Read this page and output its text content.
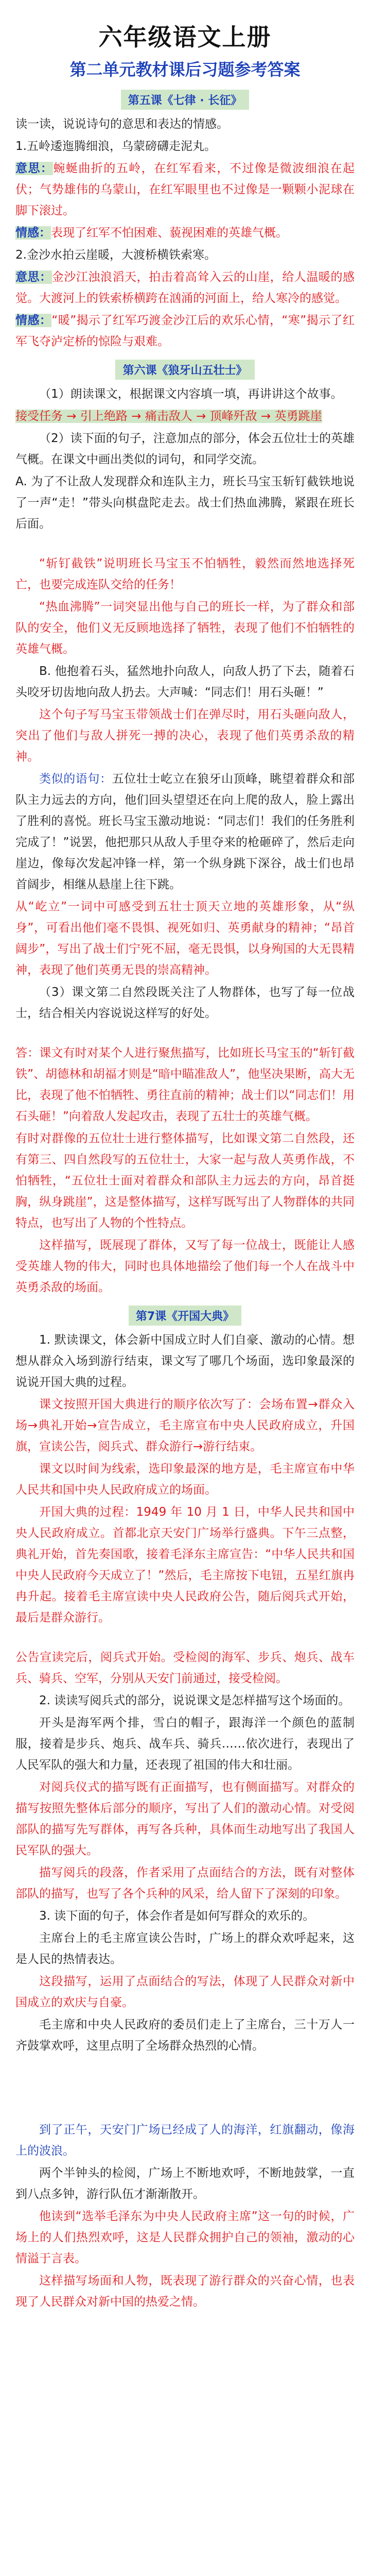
六年级语文上册
第二单元教材课后习题参考答案
第五课《七律 · 长征》

读一读，说说诗句的意思和表达的情感。

1.五岭逶迤腾细浪，乌蒙磅礴走泥丸。

意思：蜿蜒曲折的五岭，在红军看来，不过像是微波细浪在起伏；气势雄伟的乌蒙山，在红军眼里也不过像是一颗颗小泥球在脚下滚过。

情感：表现了红军不怕困难、藐视困难的英雄气概。

2.金沙水拍云崖暖，大渡桥横铁索寒。

意思：金沙江浊浪滔天，拍击着高耸入云的山崖，给人温暖的感觉。大渡河上的铁索桥横跨在汹涌的河面上，给人寒冷的感觉。

情感：“暖”揭示了红军巧渡金沙江后的欢乐心情，“寒”揭示了红军飞夺泸定桥的惊险与艰难。

第六课《狼牙山五壮士》

（1）朗读课文，根据课文内容填一填，再讲讲这个故事。

接受任务 → 引上绝路 → 痛击敌人 → 顶峰歼敌 → 英勇跳崖

（2）读下面的句子，注意加点的部分，体会五位壮士的英雄气概。在课文中画出类似的词句，和同学交流。

A. 为了不让敌人发现群众和连队主力，班长马宝玉斩钉截铁地说了一声“走！”带头向棋盘陀走去。战士们热血沸腾，紧跟在班长后面。

“斩钉截铁”说明班长马宝玉不怕牺牲，毅然而然地选择死亡，也要完成连队交给的任务！

“热血沸腾”一词突显出他与自己的班长一样，为了群众和部队的安全，他们义无反顾地选择了牺牲，表现了他们不怕牺牲的英雄气概。

B. 他抱着石头，猛然地扑向敌人，向敌人扔了下去，随着石头咬牙切齿地向敌人扔去。大声喊：“同志们！用石头砸！”

这个句子写马宝玉带领战士们在弹尽时，用石头砸向敌人，突出了他们与敌人拼死一搏的决心，表现了他们英勇杀敌的精神。

类似的语句：五位壮士屹立在狼牙山顶峰，眺望着群众和部队主力远去的方向，他们回头望望还在向上爬的敌人，脸上露出了胜利的喜悦。班长马宝玉激动地说：“同志们！我们的任务胜利完成了！”说罢，他把那只从敌人手里夺来的枪砸碎了，然后走向崖边，像每次发起冲锋一样，第一个纵身跳下深谷，战士们也昂首阔步，相继从悬崖上往下跳。

从“屹立”一词中可感受到五壮士顶天立地的英雄形象，从“纵身”，可看出他们毫不畏惧、视死如归、英勇献身的精神；“昂首阔步”，写出了战士们宁死不屈，毫无畏惧，以身殉国的大无畏精神，表现了他们英勇无畏的崇高精神。

（3）课文第二自然段既关注了人物群体，也写了每一位战士，结合相关内容说说这样写的好处。

答：课文有时对某个人进行聚焦描写，比如班长马宝玉的“斩钉截铁”、胡德林和胡福才则是“暗中瞄准敌人”，他坚决果断，高大无比，表现了他不怕牺牲、勇往直前的精神；战士们以“同志们！用石头砸！”向着敌人发起攻击，表现了五壮士的英雄气概。

有时对群像的五位壮士进行整体描写，比如课文第二自然段，还有第三、四自然段写的五位壮士，大家一起与敌人英勇作战，不怕牺牲，“五位壮士面对着群众和部队主力远去的方向，昂首挺胸，纵身跳崖”，这是整体描写，这样写既写出了人物群体的共同特点，也写出了人物的个性特点。

这样描写，既展现了群体，又写了每一位战士，既能让人感受英雄人物的伟大，同时也具体地描绘了他们每一个人在战斗中英勇杀敌的场面。

第7课《开国大典》

1. 默读课文，体会新中国成立时人们自豪、激动的心情。想想从群众入场到游行结束，课文写了哪几个场面，选印象最深的说说开国大典的过程。

课文按照开国大典进行的顺序依次写了：会场布置→群众入场→典礼开始→宣告成立，毛主席宣布中央人民政府成立，升国旗，宣读公告，阅兵式、群众游行→游行结束。

课文以时间为线索，选印象最深的地方是，毛主席宣布中华人民共和国中央人民政府成立的场面。

开国大典的过程：1949 年 10 月 1 日，中华人民共和国中央人民政府成立。首都北京天安门广场举行盛典。下午三点整，典礼开始，首先奏国歌，接着毛泽东主席宣告：“中华人民共和国中央人民政府今天成立了！”然后，毛主席按下电钮，五星红旗冉冉升起。接着毛主席宣读中央人民政府公告，随后阅兵式开始，最后是群众游行。

公告宣读完后，阅兵式开始。受检阅的海军、步兵、炮兵、战车兵、骑兵、空军，分别从天安门前通过，接受检阅。

2. 读读写阅兵式的部分，说说课文是怎样描写这个场面的。

开头是海军两个排，雪白的帽子，跟海洋一个颜色的蓝制服，接着是步兵、炮兵、战车兵、骑兵……依次进行，表现出了人民军队的强大和力量，还表现了祖国的伟大和壮丽。

对阅兵仪式的描写既有正面描写，也有侧面描写。对群众的描写按照先整体后部分的顺序，写出了人们的激动心情。对受阅部队的描写先写群体，再写各兵种，具体而生动地写出了我国人民军队的强大。

描写阅兵的段落，作者采用了点面结合的方法，既有对整体部队的描写，也写了各个兵种的风采，给人留下了深刻的印象。

3. 读下面的句子，体会作者是如何写群众的欢乐的。

主席台上的毛主席宣读公告时，广场上的群众欢呼起来，这是人民的热情表达。

这段描写，运用了点面结合的写法，体现了人民群众对新中国成立的欢庆与自豪。

毛主席和中央人民政府的委员们走上了主席台，三十万人一齐鼓掌欢呼，这里点明了全场群众热烈的心情。

到了正午，天安门广场已经成了人的海洋，红旗翻动，像海上的波浪。

两个半钟头的检阅，广场上不断地欢呼，不断地鼓掌，一直到八点多钟，游行队伍才渐渐散开。

他读到“选举毛泽东为中央人民政府主席”这一句的时候，广场上的人们热烈欢呼，这是人民群众拥护自己的领袖，激动的心情溢于言表。

这样描写场面和人物，既表现了游行群众的兴奋心情，也表现了人民群众对新中国的热爱之情。
